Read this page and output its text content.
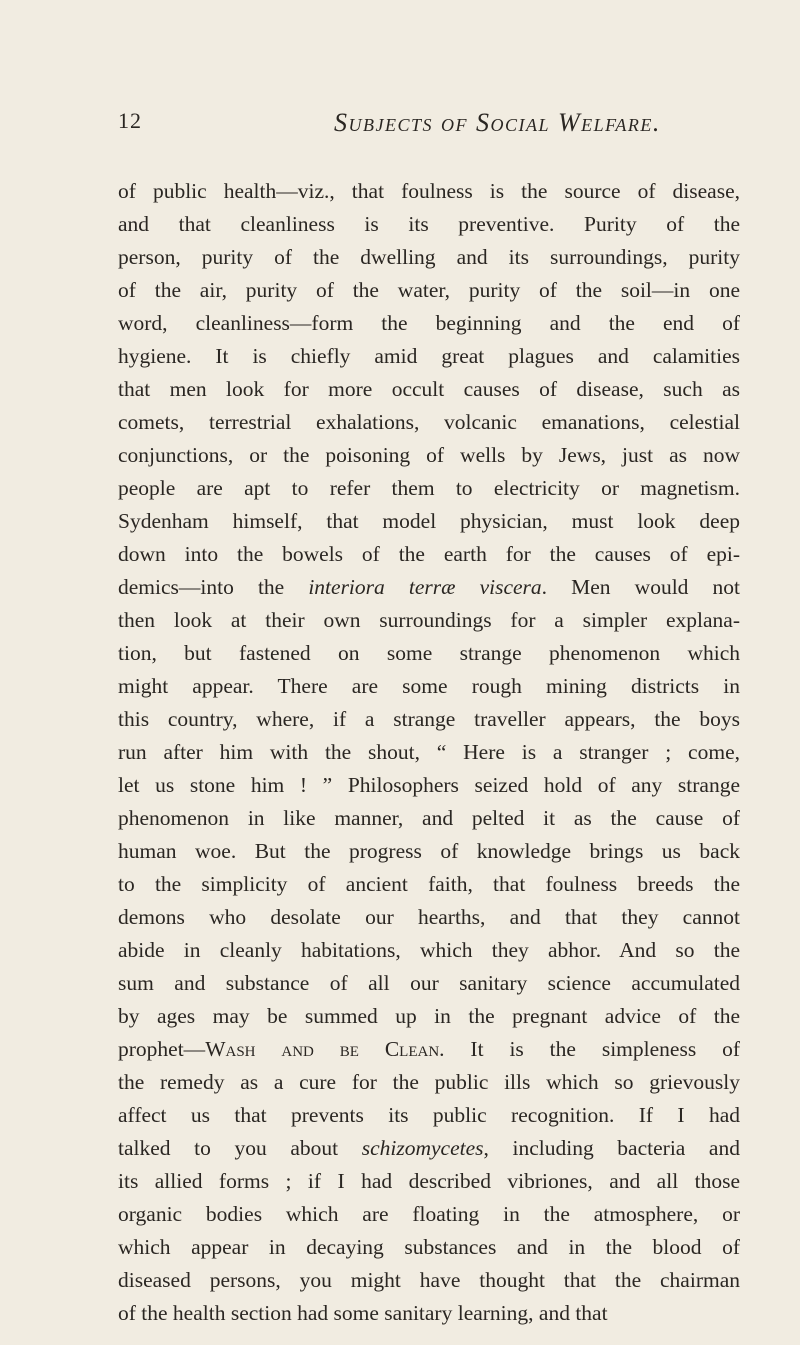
12	Subjects of Social Welfare.
of public health—viz., that foulness is the source of disease,
and that cleanliness is its preventive. Purity of the
person, purity of the dwelling and its surroundings, purity
of the air, purity of the water, purity of the soil—in one
word, cleanliness—form the beginning and the end of
hygiene. It is chiefly amid great plagues and calamities
that men look for more occult causes of disease, such as
comets, terrestrial exhalations, volcanic emanations, celestial
conjunctions, or the poisoning of wells by Jews, just as now
people are apt to refer them to electricity or magnetism.
Sydenham himself, that model physician, must look deep
down into the bowels of the earth for the causes of epi-
demics—into the interiora terræ viscera. Men would not
then look at their own surroundings for a simpler explana-
tion, but fastened on some strange phenomenon which
might appear. There are some rough mining districts in
this country, where, if a strange traveller appears, the boys
run after him with the shout, “ Here is a stranger ; come,
let us stone him ! ” Philosophers seized hold of any strange
phenomenon in like manner, and pelted it as the cause of
human woe. But the progress of knowledge brings us back
to the simplicity of ancient faith, that foulness breeds the
demons who desolate our hearths, and that they cannot
abide in cleanly habitations, which they abhor. And so the
sum and substance of all our sanitary science accumulated
by ages may be summed up in the pregnant advice of the
prophet—Wash and be Clean. It is the simpleness of
the remedy as a cure for the public ills which so grievously
affect us that prevents its public recognition. If I had
talked to you about schizomycetes, including bacteria and
its allied forms ; if I had described vibriones, and all those
organic bodies which are floating in the atmosphere, or
which appear in decaying substances and in the blood of
diseased persons, you might have thought that the chairman
of the health section had some sanitary learning, and that
